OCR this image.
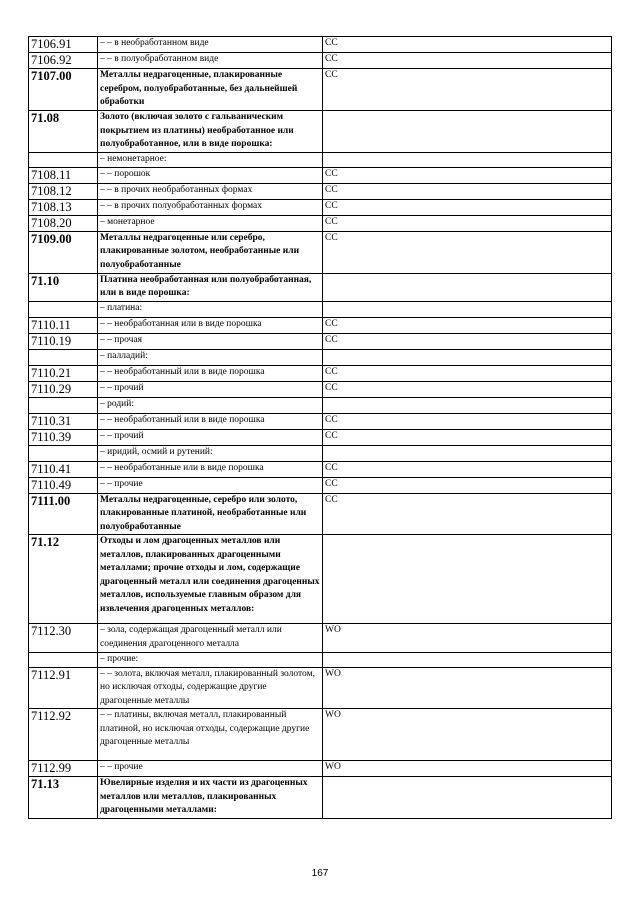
7106.91	– – в необработанном виде	CC
7106.92	– – в полуобработанном виде	CC
7107.00	Металлы недрагоценные, плакированные серебром, полуобработанные, без дальнейшей обработки	CC
71.08	Золото (включая золото с гальваническим покрытием из платины) необработанное или полуобработанное, или в виде порошка:	
	– немонетарное:	
7108.11	– – порошок	CC
7108.12	– – в прочих необработанных формах	CC
7108.13	– – в прочих полуобработанных формах	CC
7108.20	– монетарное	CC
7109.00	Металлы недрагоценные или серебро, плакированные золотом, необработанные или полуобработанные	CC
71.10	Платина необработанная или полуобработанная, или в виде порошка:	
	– платина:	
7110.11	– – необработанная или в виде порошка	CC
7110.19	– – прочая	CC
	– палладий:	
7110.21	– – необработанный или в виде порошка	CC
7110.29	– – прочий	CC
	– родий:	
7110.31	– – необработанный или в виде порошка	CC
7110.39	– – прочий	CC
	– иридий, осмий и рутений:	
7110.41	– – необработанные или в виде порошка	CC
7110.49	– – прочие	CC
7111.00	Металлы недрагоценные, серебро или золото, плакированные платиной, необработанные или полуобработанные	CC
71.12	Отходы и лом драгоценных металлов или металлов, плакированных драгоценными металлами; прочие отходы и лом, содержащие драгоценный металл или соединения драгоценных металлов, используемые главным образом для извлечения драгоценных металлов:	
7112.30	– зола, содержащая драгоценный металл или соединения драгоценного металла	WO
	– прочие:	
7112.91	– – золота, включая металл, плакированный золотом, но исключая отходы, содержащие другие драгоценные металлы	WO
7112.92	– – платины, включая металл, плакированный платиной, но исключая отходы, содержащие другие драгоценные металлы	WO
7112.99	– – прочие	WO
71.13	Ювелирные изделия и их части из драгоценных металлов или металлов, плакированных драгоценными металлами:	
167
